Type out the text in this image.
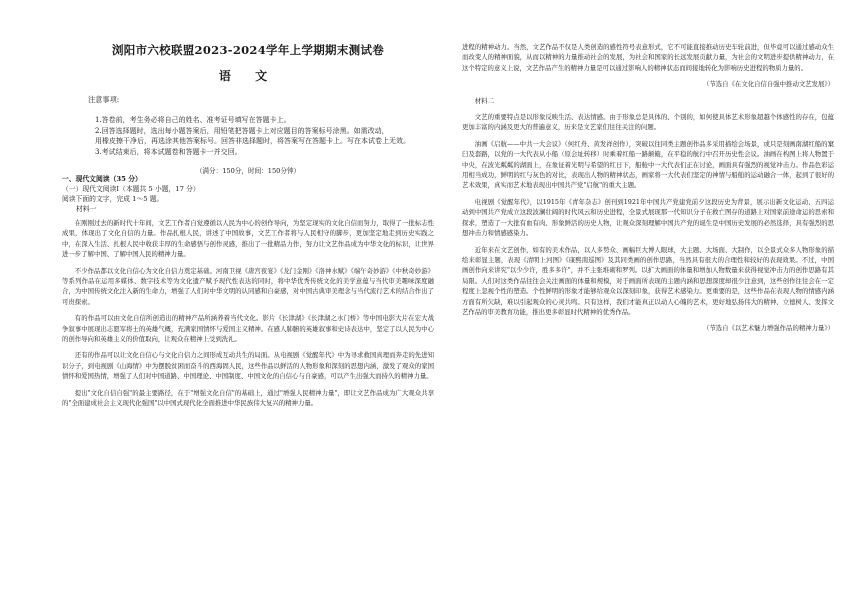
浏阳市六校联盟2023-2024学年上学期期末测试卷
语 文
注意事项:
1.答卷前，考生务必将自己的姓名、准考证号填写在答题卡上。
2.回答选择题时，选出每小题答案后，用铅笔把答题卡上对应题目的答案标号涂黑。如需改动，
用橡皮擦干净后，再选涂其他答案标号。回答非选择题时，将答案写在答题卡上。写在本试卷上无效。
3.考试结束后，将本试题卷和答题卡一并交回。
（满分：150分，时间：150分钟）
一、现代文阅读（35 分）
（一）现代文阅读Ⅰ（本题共 5 小题，17 分）
阅读下面的文字，完成 1～5 题。
材料一

在刚刚过去的新时代十年间，文艺工作者自觉遵循以人民为中心的创作导向，为坚定现实的文化自信而努力，取得了一批标志性成果，体现出了文化自信的力量。作品扎根人民，讲述了中国故事，文艺工作者将与人民相守的脚步，更加坚定地走到历史实践之中，在深入生活、扎根人民中收获丰厚的生命感悟与创作灵感，推出了一批精品力作，努力让文艺作品成为中华文化的标识，让世界进一步了解中国、了解中国人民的精神力量。

不少作品都以文化自信心为文化自信力奠定基础。河南卫视《唐宫夜宴》《龙门金刚》《洛神水赋》《端午奇妙游》《中秋奇妙游》等系列作品在运用多媒体、数字技术等为文化遗产赋予现代性表达的同时，将中华优秀传统文化的美学意蕴与当代审美趣味深度融合，为中国传统文化注入新的生命力，增强了人们对中华文明的认同感和自豪感，对中国古典审美理念与当代流行艺术的结合作出了可贵探索。

有的作品可以由文化自信所创造出的精神产品所涵养着当代文化。影片《长津湖》《长津湖之水门桥》等中国电影大片在宏大战争叙事中展现出志愿军将士的英雄气概，充满家国情怀与爱国主义精神。在感人肺腑的英雄叙事和史诗表达中，坚定了以人民为中心的创作导向和英雄主义的价值取向，让观众在精神上受到洗礼。

还有的作品可以让文化自信心与文化自信力之间形成互动共生的局面。从电视剧《觉醒年代》中为寻求救国真理而奔走的先进知识分子，到电视剧《山海情》中为摆脱贫困而奋斗的西海固人民，这些作品以鲜活的人物形象和深刻的思想内涵，激发了观众的家国情怀和爱国热情，增强了人们对中国道路、中国理论、中国制度、中国文化的自信心与自豪感，可以产生出强大而持久的精神力量。

提出"文化自信自强"的最主要路径，在于"增强文化自信"的基础上，通过"增强人民精神力量"，即让文艺作品成为广大观众共享的"全面建成社会主义现代化强国"以中国式现代化全面推进中华民族伟大复兴的精神力量。

进程的精神动力。当然，文艺作品不仅是人类创造的感性符号表意形式，它不可能直接推动历史车轮前进，但毕竟可以通过感动众生而改变人的精神面貌，从而以精神的力量推动社会的发展，为社会和国家的长远发展贡献力量，为社会的文明进步提供精神动力，在这个特定的意义上说，文艺作品产生的精神力量是可以通过影响人的精神状态而间接地转化为影响历史进程的物质力量的。

（节选自《在文化自信自强中推动文艺发展》）

材料二

文艺的重要特点是以形象反映生活、表达情感。由于形象总是具体的、个别的，如何使具体艺术形象超越个体感性的存在，包蕴更加丰富的内涵及更大的普遍意义，历来是文艺家们往往关注的问题。

油画《启航——中共一大会议》（何红舟、黄发祥创作），突破以往同类主题创作品多采用描绘会场景，或只是刻画南湖红船的窠臼及套路，以党的一大代表从小船（原会址转移）时乘着红船一路颠簸，在平稳的航行中召开历史性会议。油画在构图上将人物置于中央，在波光粼粼的湖面上，在象征着光明与希望的红日下，船舱中一大代表们正在讨论，画面具有强烈的视觉冲击力。作品色彩运用相当成功，鲜明的红与灰色的对比，表现出人物的精神状态，画家将一大代表们坚定的神情与船舶的运动融合一体，起到了很好的艺术效果，真实而艺术地表现出中国共产党"启航"的重大主题。

电视剧《觉醒年代》，以1915年《青年杂志》创刊到1921年中国共产党建党前夕这段历史为背景，展示出新文化运动、五四运动到中国共产党成立这段波澜壮阔的时代风云和历史进程，全景式展现那一代知识分子在救亡图存的道路上对国家前途命运的思索和探求，塑造了一大批有血有肉、形象鲜活的历史人物，让观众深刻理解中国共产党的诞生是中国历史发展的必然选择，具有强烈的思想冲击力和情感感染力。

近年来在文艺创作，如有的美术作品，以人多势众、画幅巨大博人眼球，大主题、大场面、大制作，以全景式众多人物形象的描绘来彰显主题，表现《清明上河图》《康熙南巡图》及其同类画的创作思路，当然具有很大的合理性和较好的表现效果。不过，中国画创作向来讲究"以少少许，胜多多许"，并不主张堆砌和罗列。以扩大画面的体量和增加人物数量来获得视觉冲击力的创作思路有其局限。人们对这类作品往往会关注画面的体量和规模，对于画面所表现的主题内涵和思想深度却很少注意到，这些创作往往会在一定程度上忽视个性的塑造。个性鲜明的形象才能够给观众以深刻印象，获得艺术感染力。更重要的是，这些作品在表现人物的情感内涵方面有所欠缺，难以引起观众的心灵共鸣。只有这样，我们才能真正以动人心魄的艺术，更好地弘扬伟大的精神、立德树人、发挥文艺作品的审美教育功能，推出更多彰显时代精神的优秀作品。

（节选自《以艺术魅力增强作品的精神力量》）
